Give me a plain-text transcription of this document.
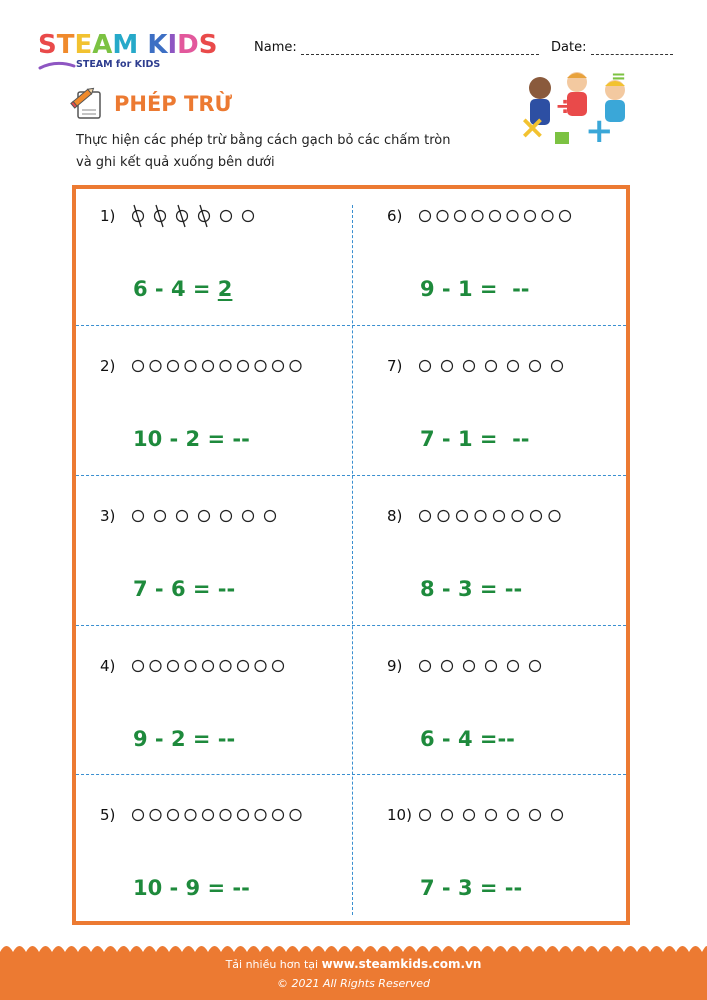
STEAM KIDS
STEAM for KIDS
Name:	Date:
PHÉP TRỪ
Thực hiện các phép trừ bằng cách gạch bỏ các chấm tròn
và ghi kết quả xuống bên dưới
×
÷
+
=
1)
6 - 4 = 2
2)
10 - 2 = --
3)
7 - 6 = --
4)
9 - 2 = --
5)
10 - 9 = --
6)
9 - 1 =  --
7)
7 - 1 =  --
8)
8 - 3 = --
9)
6 - 4 =--
10)
7 - 3 = --
Tải nhiều hơn tại www.steamkids.com.vn
© 2021 All Rights Reserved
